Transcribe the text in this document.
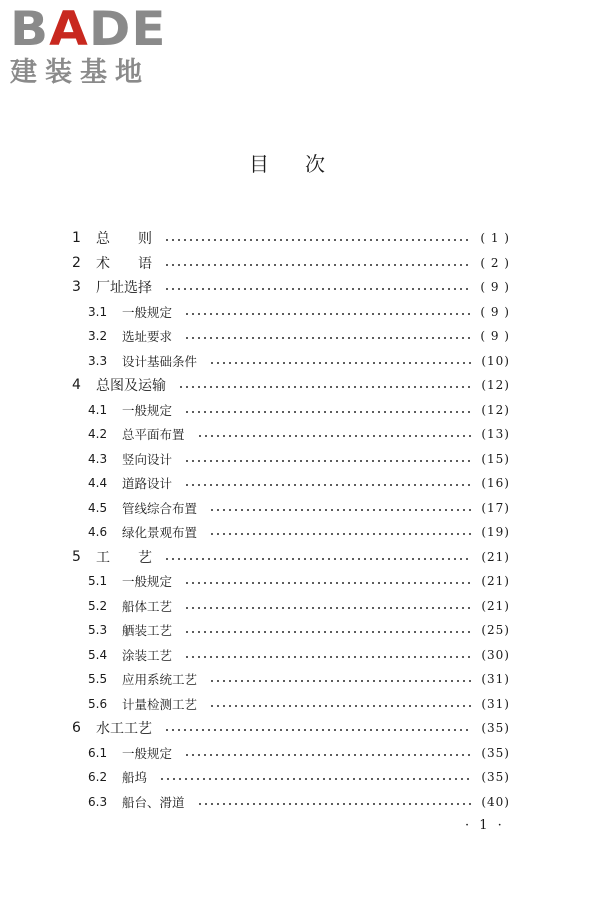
BADE
建装基地
目次
1 总　　则	( 1 )
2 术　　语	( 2 )
3 厂址选择	( 9 )
3.1 一般规定	( 9 )
3.2 选址要求	( 9 )
3.3 设计基础条件	(10)
4 总图及运输	(12)
4.1 一般规定	(12)
4.2 总平面布置	(13)
4.3 竖向设计	(15)
4.4 道路设计	(16)
4.5 管线综合布置	(17)
4.6 绿化景观布置	(19)
5 工　　艺	(21)
5.1 一般规定	(21)
5.2 船体工艺	(21)
5.3 舾装工艺	(25)
5.4 涂装工艺	(30)
5.5 应用系统工艺	(31)
5.6 计量检测工艺	(31)
6 水工工艺	(35)
6.1 一般规定	(35)
6.2 船坞	(35)
6.3 船台、滑道	(40)
· 1 ·
